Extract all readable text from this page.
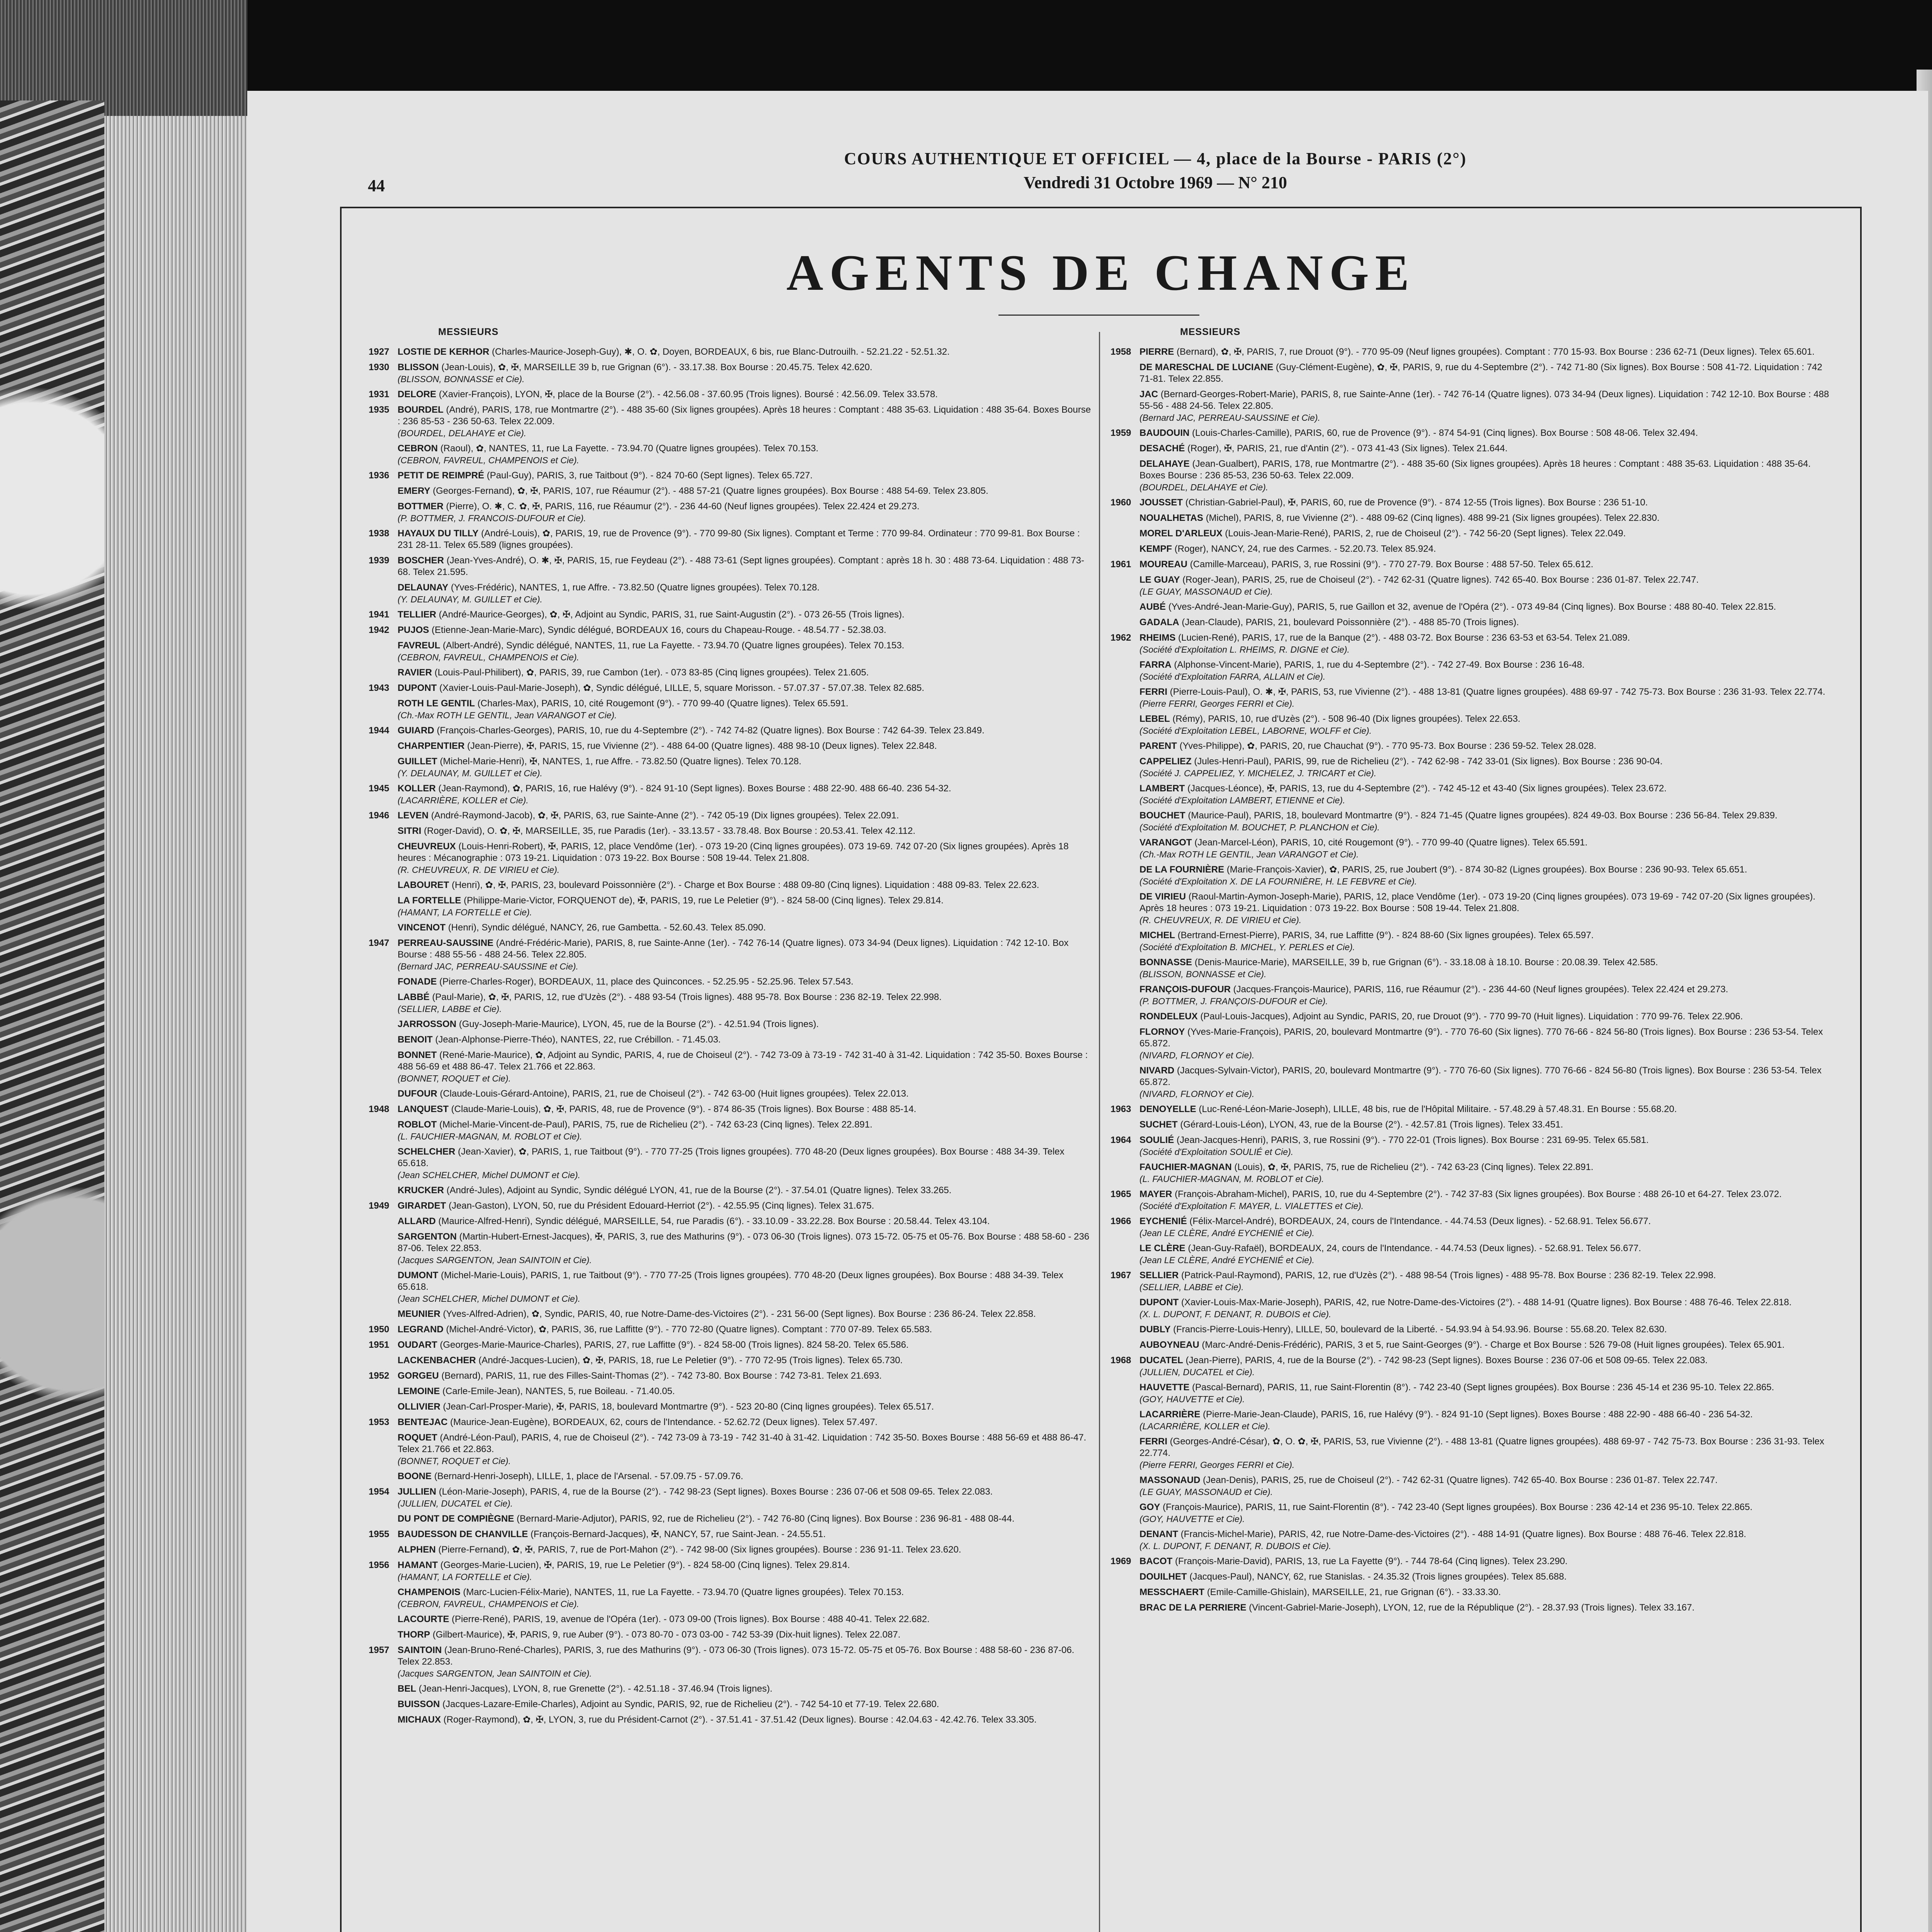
44
COURS AUTHENTIQUE ET OFFICIEL — 4, place de la Bourse - PARIS (2°)
Vendredi 31 Octobre 1969 — N° 210
AGENTS DE CHANGE
MESSIEURS
1927 LOSTIE DE KERHOR (Charles-Maurice-Joseph-Guy), ✱, O. ✿, Doyen, BORDEAUX, 6 bis, rue Blanc-Dutrouilh. - 52.21.22 - 52.51.32.
1930 BLISSON (Jean-Louis), ✿, ✠, MARSEILLE 39 b, rue Grignan (6°). - 33.17.38. Box Bourse : 20.45.75. Telex 42.620.
(BLISSON, BONNASSE et Cie).
1931 DELORE (Xavier-François), LYON, ✠, place de la Bourse (2°). - 42.56.08 - 37.60.95 (Trois lignes). Boursé : 42.56.09. Telex 33.578.
1935 BOURDEL (André), PARIS, 178, rue Montmartre (2°). - 488 35-60 (Six lignes groupées). Après 18 heures : Comptant : 488 35-63. Liquidation : 488 35-64. Boxes Bourse : 236 85-53 - 236 50-63. Telex 22.009.
(BOURDEL, DELAHAYE et Cie).
CEBRON (Raoul), ✿, NANTES, 11, rue La Fayette. - 73.94.70 (Quatre lignes groupées). Telex 70.153.
(CEBRON, FAVREUL, CHAMPENOIS et Cie).
1936 PETIT DE REIMPRÉ (Paul-Guy), PARIS, 3, rue Taitbout (9°). - 824 70-60 (Sept lignes). Telex 65.727.
EMERY (Georges-Fernand), ✿, ✠, PARIS, 107, rue Réaumur (2°). - 488 57-21 (Quatre lignes groupées). Box Bourse : 488 54-69. Telex 23.805.
BOTTMER (Pierre), O. ✱, C. ✿, ✠, PARIS, 116, rue Réaumur (2°). - 236 44-60 (Neuf lignes groupées). Telex 22.424 et 29.273.
(P. BOTTMER, J. FRANCOIS-DUFOUR et Cie).
1938 HAYAUX DU TILLY (André-Louis), ✿, PARIS, 19, rue de Provence (9°). - 770 99-80 (Six lignes). Comptant et Terme : 770 99-84. Ordinateur : 770 99-81. Box Bourse : 231 28-11. Telex 65.589 (lignes groupées).
1939 BOSCHER (Jean-Yves-André), O. ✱, ✠, PARIS, 15, rue Feydeau (2°). - 488 73-61 (Sept lignes groupées). Comptant : après 18 h. 30 : 488 73-64. Liquidation : 488 73-68. Telex 21.595.
DELAUNAY (Yves-Frédéric), NANTES, 1, rue Affre. - 73.82.50 (Quatre lignes groupées). Telex 70.128.
(Y. DELAUNAY, M. GUILLET et Cie).
1941 TELLIER (André-Maurice-Georges), ✿, ✠, Adjoint au Syndic, PARIS, 31, rue Saint-Augustin (2°). - 073 26-55 (Trois lignes).
1942 PUJOS (Etienne-Jean-Marie-Marc), Syndic délégué, BORDEAUX 16, cours du Chapeau-Rouge. - 48.54.77 - 52.38.03.
FAVREUL (Albert-André), Syndic délégué, NANTES, 11, rue La Fayette. - 73.94.70 (Quatre lignes groupées). Telex 70.153.
(CEBRON, FAVREUL, CHAMPENOIS et Cie).
RAVIER (Louis-Paul-Philibert), ✿, PARIS, 39, rue Cambon (1er). - 073 83-85 (Cinq lignes groupées). Telex 21.605.
1943 DUPONT (Xavier-Louis-Paul-Marie-Joseph), ✿, Syndic délégué, LILLE, 5, square Morisson. - 57.07.37 - 57.07.38. Telex 82.685.
ROTH LE GENTIL (Charles-Max), PARIS, 10, cité Rougemont (9°). - 770 99-40 (Quatre lignes). Telex 65.591.
(Ch.-Max ROTH LE GENTIL, Jean VARANGOT et Cie).
1944 GUIARD (François-Charles-Georges), PARIS, 10, rue du 4-Septembre (2°). - 742 74-82 (Quatre lignes). Box Bourse : 742 64-39. Telex 23.849.
CHARPENTIER (Jean-Pierre), ✠, PARIS, 15, rue Vivienne (2°). - 488 64-00 (Quatre lignes). 488 98-10 (Deux lignes). Telex 22.848.
GUILLET (Michel-Marie-Henri), ✠, NANTES, 1, rue Affre. - 73.82.50 (Quatre lignes). Telex 70.128.
(Y. DELAUNAY, M. GUILLET et Cie).
1945 KOLLER (Jean-Raymond), ✿, PARIS, 16, rue Halévy (9°). - 824 91-10 (Sept lignes). Boxes Bourse : 488 22-90. 488 66-40. 236 54-32.
(LACARRIÈRE, KOLLER et Cie).
1946 LEVEN (André-Raymond-Jacob), ✿, ✠, PARIS, 63, rue Sainte-Anne (2°). - 742 05-19 (Dix lignes groupées). Telex 22.091.
SITRI (Roger-David), O. ✿, ✠, MARSEILLE, 35, rue Paradis (1er). - 33.13.57 - 33.78.48. Box Bourse : 20.53.41. Telex 42.112.
CHEUVREUX (Louis-Henri-Robert), ✠, PARIS, 12, place Vendôme (1er). - 073 19-20 (Cinq lignes groupées). 073 19-69. 742 07-20 (Six lignes groupées). Après 18 heures : Mécanographie : 073 19-21. Liquidation : 073 19-22. Box Bourse : 508 19-44. Telex 21.808.
(R. CHEUVREUX, R. DE VIRIEU et Cie).
LABOURET (Henri), ✿, ✠, PARIS, 23, boulevard Poissonnière (2°). - Charge et Box Bourse : 488 09-80 (Cinq lignes). Liquidation : 488 09-83. Telex 22.623.
LA FORTELLE (Philippe-Marie-Victor, FORQUENOT de), ✠, PARIS, 19, rue Le Peletier (9°). - 824 58-00 (Cinq lignes). Telex 29.814.
(HAMANT, LA FORTELLE et Cie).
VINCENOT (Henri), Syndic délégué, NANCY, 26, rue Gambetta. - 52.60.43. Telex 85.090.
1947 PERREAU-SAUSSINE (André-Frédéric-Marie), PARIS, 8, rue Sainte-Anne (1er). - 742 76-14 (Quatre lignes). 073 34-94 (Deux lignes). Liquidation : 742 12-10. Box Bourse : 488 55-56 - 488 24-56. Telex 22.805.
(Bernard JAC, PERREAU-SAUSSINE et Cie).
FONADE (Pierre-Charles-Roger), BORDEAUX, 11, place des Quinconces. - 52.25.95 - 52.25.96. Telex 57.543.
LABBÉ (Paul-Marie), ✿, ✠, PARIS, 12, rue d'Uzès (2°). - 488 93-54 (Trois lignes). 488 95-78. Box Bourse : 236 82-19. Telex 22.998.
(SELLIER, LABBE et Cie).
JARROSSON (Guy-Joseph-Marie-Maurice), LYON, 45, rue de la Bourse (2°). - 42.51.94 (Trois lignes).
BENOIT (Jean-Alphonse-Pierre-Théo), NANTES, 22, rue Crébillon. - 71.45.03.
BONNET (René-Marie-Maurice), ✿, Adjoint au Syndic, PARIS, 4, rue de Choiseul (2°). - 742 73-09 à 73-19 - 742 31-40 à 31-42. Liquidation : 742 35-50. Boxes Bourse : 488 56-69 et 488 86-47. Telex 21.766 et 22.863.
(BONNET, ROQUET et Cie).
DUFOUR (Claude-Louis-Gérard-Antoine), PARIS, 21, rue de Choiseul (2°). - 742 63-00 (Huit lignes groupées). Telex 22.013.
1948 LANQUEST (Claude-Marie-Louis), ✿, ✠, PARIS, 48, rue de Provence (9°). - 874 86-35 (Trois lignes). Box Bourse : 488 85-14.
ROBLOT (Michel-Marie-Vincent-de-Paul), PARIS, 75, rue de Richelieu (2°). - 742 63-23 (Cinq lignes). Telex 22.891.
(L. FAUCHIER-MAGNAN, M. ROBLOT et Cie).
SCHELCHER (Jean-Xavier), ✿, PARIS, 1, rue Taitbout (9°). - 770 77-25 (Trois lignes groupées). 770 48-20 (Deux lignes groupées). Box Bourse : 488 34-39. Telex 65.618.
(Jean SCHELCHER, Michel DUMONT et Cie).
KRUCKER (André-Jules), Adjoint au Syndic, Syndic délégué LYON, 41, rue de la Bourse (2°). - 37.54.01 (Quatre lignes). Telex 33.265.
1949 GIRARDET (Jean-Gaston), LYON, 50, rue du Président Edouard-Herriot (2°). - 42.55.95 (Cinq lignes). Telex 31.675.
ALLARD (Maurice-Alfred-Henri), Syndic délégué, MARSEILLE, 54, rue Paradis (6°). - 33.10.09 - 33.22.28. Box Bourse : 20.58.44. Telex 43.104.
SARGENTON (Martin-Hubert-Ernest-Jacques), ✠, PARIS, 3, rue des Mathurins (9°). - 073 06-30 (Trois lignes). 073 15-72. 05-75 et 05-76. Box Bourse : 488 58-60 - 236 87-06. Telex 22.853.
(Jacques SARGENTON, Jean SAINTOIN et Cie).
DUMONT (Michel-Marie-Louis), PARIS, 1, rue Taitbout (9°). - 770 77-25 (Trois lignes groupées). 770 48-20 (Deux lignes groupées). Box Bourse : 488 34-39. Telex 65.618.
(Jean SCHELCHER, Michel DUMONT et Cie).
MEUNIER (Yves-Alfred-Adrien), ✿, Syndic, PARIS, 40, rue Notre-Dame-des-Victoires (2°). - 231 56-00 (Sept lignes). Box Bourse : 236 86-24. Telex 22.858.
1950 LEGRAND (Michel-André-Victor), ✿, PARIS, 36, rue Laffitte (9°). - 770 72-80 (Quatre lignes). Comptant : 770 07-89. Telex 65.583.
1951 OUDART (Georges-Marie-Maurice-Charles), PARIS, 27, rue Laffitte (9°). - 824 58-00 (Trois lignes). 824 58-20. Telex 65.586.
LACKENBACHER (André-Jacques-Lucien), ✿, ✠, PARIS, 18, rue Le Peletier (9°). - 770 72-95 (Trois lignes). Telex 65.730.
1952 GORGEU (Bernard), PARIS, 11, rue des Filles-Saint-Thomas (2°). - 742 73-80. Box Bourse : 742 73-81. Telex 21.693.
LEMOINE (Carle-Emile-Jean), NANTES, 5, rue Boileau. - 71.40.05.
OLLIVIER (Jean-Carl-Prosper-Marie), ✠, PARIS, 18, boulevard Montmartre (9°). - 523 20-80 (Cinq lignes groupées). Telex 65.517.
1953 BENTEJAC (Maurice-Jean-Eugène), BORDEAUX, 62, cours de l'Intendance. - 52.62.72 (Deux lignes). Telex 57.497.
ROQUET (André-Léon-Paul), PARIS, 4, rue de Choiseul (2°). - 742 73-09 à 73-19 - 742 31-40 à 31-42. Liquidation : 742 35-50. Boxes Bourse : 488 56-69 et 488 86-47. Telex 21.766 et 22.863.
(BONNET, ROQUET et Cie).
BOONE (Bernard-Henri-Joseph), LILLE, 1, place de l'Arsenal. - 57.09.75 - 57.09.76.
1954 JULLIEN (Léon-Marie-Joseph), PARIS, 4, rue de la Bourse (2°). - 742 98-23 (Sept lignes). Boxes Bourse : 236 07-06 et 508 09-65. Telex 22.083.
(JULLIEN, DUCATEL et Cie).
DU PONT DE COMPIÈGNE (Bernard-Marie-Adjutor), PARIS, 92, rue de Richelieu (2°). - 742 76-80 (Cinq lignes). Box Bourse : 236 96-81 - 488 08-44.
1955 BAUDESSON DE CHANVILLE (François-Bernard-Jacques), ✠, NANCY, 57, rue Saint-Jean. - 24.55.51.
ALPHEN (Pierre-Fernand), ✿, ✠, PARIS, 7, rue de Port-Mahon (2°). - 742 98-00 (Six lignes groupées). Bourse : 236 91-11. Telex 23.620.
1956 HAMANT (Georges-Marie-Lucien), ✠, PARIS, 19, rue Le Peletier (9°). - 824 58-00 (Cinq lignes). Telex 29.814.
(HAMANT, LA FORTELLE et Cie).
CHAMPENOIS (Marc-Lucien-Félix-Marie), NANTES, 11, rue La Fayette. - 73.94.70 (Quatre lignes groupées). Telex 70.153.
(CEBRON, FAVREUL, CHAMPENOIS et Cie).
LACOURTE (Pierre-René), PARIS, 19, avenue de l'Opéra (1er). - 073 09-00 (Trois lignes). Box Bourse : 488 40-41. Telex 22.682.
THORP (Gilbert-Maurice), ✠, PARIS, 9, rue Auber (9°). - 073 80-70 - 073 03-00 - 742 53-39 (Dix-huit lignes). Telex 22.087.
1957 SAINTOIN (Jean-Bruno-René-Charles), PARIS, 3, rue des Mathurins (9°). - 073 06-30 (Trois lignes). 073 15-72. 05-75 et 05-76. Box Bourse : 488 58-60 - 236 87-06. Telex 22.853.
(Jacques SARGENTON, Jean SAINTOIN et Cie).
BEL (Jean-Henri-Jacques), LYON, 8, rue Grenette (2°). - 42.51.18 - 37.46.94 (Trois lignes).
BUISSON (Jacques-Lazare-Emile-Charles), Adjoint au Syndic, PARIS, 92, rue de Richelieu (2°). - 742 54-10 et 77-19. Telex 22.680.
MICHAUX (Roger-Raymond), ✿, ✠, LYON, 3, rue du Président-Carnot (2°). - 37.51.41 - 37.51.42 (Deux lignes). Bourse : 42.04.63 - 42.42.76. Telex 33.305.
MESSIEURS
1958 PIERRE (Bernard), ✿, ✠, PARIS, 7, rue Drouot (9°). - 770 95-09 (Neuf lignes groupées). Comptant : 770 15-93. Box Bourse : 236 62-71 (Deux lignes). Telex 65.601.
DE MARESCHAL DE LUCIANE (Guy-Clément-Eugène), ✿, ✠, PARIS, 9, rue du 4-Septembre (2°). - 742 71-80 (Six lignes). Box Bourse : 508 41-72. Liquidation : 742 71-81. Telex 22.855.
JAC (Bernard-Georges-Robert-Marie), PARIS, 8, rue Sainte-Anne (1er). - 742 76-14 (Quatre lignes). 073 34-94 (Deux lignes). Liquidation : 742 12-10. Box Bourse : 488 55-56 - 488 24-56. Telex 22.805.
(Bernard JAC, PERREAU-SAUSSINE et Cie).
1959 BAUDOUIN (Louis-Charles-Camille), PARIS, 60, rue de Provence (9°). - 874 54-91 (Cinq lignes). Box Bourse : 508 48-06. Telex 32.494.
DESACHÉ (Roger), ✠, PARIS, 21, rue d'Antin (2°). - 073 41-43 (Six lignes). Telex 21.644.
DELAHAYE (Jean-Gualbert), PARIS, 178, rue Montmartre (2°). - 488 35-60 (Six lignes groupées). Après 18 heures : Comptant : 488 35-63. Liquidation : 488 35-64. Boxes Bourse : 236 85-53, 236 50-63. Telex 22.009.
(BOURDEL, DELAHAYE et Cie).
1960 JOUSSET (Christian-Gabriel-Paul), ✠, PARIS, 60, rue de Provence (9°). - 874 12-55 (Trois lignes). Box Bourse : 236 51-10.
NOUALHETAS (Michel), PARIS, 8, rue Vivienne (2°). - 488 09-62 (Cinq lignes). 488 99-21 (Six lignes groupées). Telex 22.830.
MOREL D'ARLEUX (Louis-Jean-Marie-René), PARIS, 2, rue de Choiseul (2°). - 742 56-20 (Sept lignes). Telex 22.049.
KEMPF (Roger), NANCY, 24, rue des Carmes. - 52.20.73. Telex 85.924.
1961 MOUREAU (Camille-Marceau), PARIS, 3, rue Rossini (9°). - 770 27-79. Box Bourse : 488 57-50. Telex 65.612.
LE GUAY (Roger-Jean), PARIS, 25, rue de Choiseul (2°). - 742 62-31 (Quatre lignes). 742 65-40. Box Bourse : 236 01-87. Telex 22.747.
(LE GUAY, MASSONAUD et Cie).
AUBÉ (Yves-André-Jean-Marie-Guy), PARIS, 5, rue Gaillon et 32, avenue de l'Opéra (2°). - 073 49-84 (Cinq lignes). Box Bourse : 488 80-40. Telex 22.815.
GADALA (Jean-Claude), PARIS, 21, boulevard Poissonnière (2°). - 488 85-70 (Trois lignes).
1962 RHEIMS (Lucien-René), PARIS, 17, rue de la Banque (2°). - 488 03-72. Box Bourse : 236 63-53 et 63-54. Telex 21.089.
(Société d'Exploitation L. RHEIMS, R. DIGNE et Cie).
FARRA (Alphonse-Vincent-Marie), PARIS, 1, rue du 4-Septembre (2°). - 742 27-49. Box Bourse : 236 16-48.
(Société d'Exploitation FARRA, ALLAIN et Cie).
FERRI (Pierre-Louis-Paul), O. ✱, ✠, PARIS, 53, rue Vivienne (2°). - 488 13-81 (Quatre lignes groupées). 488 69-97 - 742 75-73. Box Bourse : 236 31-93. Telex 22.774.
(Pierre FERRI, Georges FERRI et Cie).
LEBEL (Rémy), PARIS, 10, rue d'Uzès (2°). - 508 96-40 (Dix lignes groupées). Telex 22.653.
(Société d'Exploitation LEBEL, LABORNE, WOLFF et Cie).
PARENT (Yves-Philippe), ✿, PARIS, 20, rue Chauchat (9°). - 770 95-73. Box Bourse : 236 59-52. Telex 28.028.
CAPPELIEZ (Jules-Henri-Paul), PARIS, 99, rue de Richelieu (2°). - 742 62-98 - 742 33-01 (Six lignes). Box Bourse : 236 90-04.
(Société J. CAPPELIEZ, Y. MICHELEZ, J. TRICART et Cie).
LAMBERT (Jacques-Léonce), ✠, PARIS, 13, rue du 4-Septembre (2°). - 742 45-12 et 43-40 (Six lignes groupées). Telex 23.672.
(Société d'Exploitation LAMBERT, ETIENNE et Cie).
BOUCHET (Maurice-Paul), PARIS, 18, boulevard Montmartre (9°). - 824 71-45 (Quatre lignes groupées). 824 49-03. Box Bourse : 236 56-84. Telex 29.839.
(Société d'Exploitation M. BOUCHET, P. PLANCHON et Cie).
VARANGOT (Jean-Marcel-Léon), PARIS, 10, cité Rougemont (9°). - 770 99-40 (Quatre lignes). Telex 65.591.
(Ch.-Max ROTH LE GENTIL, Jean VARANGOT et Cie).
DE LA FOURNIÈRE (Marie-François-Xavier), ✿, PARIS, 25, rue Joubert (9°). - 874 30-82 (Lignes groupées). Box Bourse : 236 90-93. Telex 65.651.
(Société d'Exploitation X. DE LA FOURNIÈRE, H. LE FEBVRE et Cie).
DE VIRIEU (Raoul-Martin-Aymon-Joseph-Marie), PARIS, 12, place Vendôme (1er). - 073 19-20 (Cinq lignes groupées). 073 19-69 - 742 07-20 (Six lignes groupées). Après 18 heures : 073 19-21. Liquidation : 073 19-22. Box Bourse : 508 19-44. Telex 21.808.
(R. CHEUVREUX, R. DE VIRIEU et Cie).
MICHEL (Bertrand-Ernest-Pierre), PARIS, 34, rue Laffitte (9°). - 824 88-60 (Six lignes groupées). Telex 65.597.
(Société d'Exploitation B. MICHEL, Y. PERLES et Cie).
BONNASSE (Denis-Maurice-Marie), MARSEILLE, 39 b, rue Grignan (6°). - 33.18.08 à 18.10. Bourse : 20.08.39. Telex 42.585.
(BLISSON, BONNASSE et Cie).
FRANÇOIS-DUFOUR (Jacques-François-Maurice), PARIS, 116, rue Réaumur (2°). - 236 44-60 (Neuf lignes groupées). Telex 22.424 et 29.273.
(P. BOTTMER, J. FRANÇOIS-DUFOUR et Cie).
RONDELEUX (Paul-Louis-Jacques), Adjoint au Syndic, PARIS, 20, rue Drouot (9°). - 770 99-70 (Huit lignes). Liquidation : 770 99-76. Telex 22.906.
FLORNOY (Yves-Marie-François), PARIS, 20, boulevard Montmartre (9°). - 770 76-60 (Six lignes). 770 76-66 - 824 56-80 (Trois lignes). Box Bourse : 236 53-54. Telex 65.872.
(NIVARD, FLORNOY et Cie).
NIVARD (Jacques-Sylvain-Victor), PARIS, 20, boulevard Montmartre (9°). - 770 76-60 (Six lignes). 770 76-66 - 824 56-80 (Trois lignes). Box Bourse : 236 53-54. Telex 65.872.
(NIVARD, FLORNOY et Cie).
1963 DENOYELLE (Luc-René-Léon-Marie-Joseph), LILLE, 48 bis, rue de l'Hôpital Militaire. - 57.48.29 à 57.48.31. En Bourse : 55.68.20.
SUCHET (Gérard-Louis-Léon), LYON, 43, rue de la Bourse (2°). - 42.57.81 (Trois lignes). Telex 33.451.
1964 SOULIÉ (Jean-Jacques-Henri), PARIS, 3, rue Rossini (9°). - 770 22-01 (Trois lignes). Box Bourse : 231 69-95. Telex 65.581.
(Société d'Exploitation SOULIÉ et Cie).
FAUCHIER-MAGNAN (Louis), ✿, ✠, PARIS, 75, rue de Richelieu (2°). - 742 63-23 (Cinq lignes). Telex 22.891.
(L. FAUCHIER-MAGNAN, M. ROBLOT et Cie).
1965 MAYER (François-Abraham-Michel), PARIS, 10, rue du 4-Septembre (2°). - 742 37-83 (Six lignes groupées). Box Bourse : 488 26-10 et 64-27. Telex 23.072.
(Société d'Exploitation F. MAYER, L. VIALETTES et Cie).
1966 EYCHENIÉ (Félix-Marcel-André), BORDEAUX, 24, cours de l'Intendance. - 44.74.53 (Deux lignes). - 52.68.91. Telex 56.677.
(Jean LE CLÈRE, André EYCHENIÉ et Cie).
LE CLÈRE (Jean-Guy-Rafaël), BORDEAUX, 24, cours de l'Intendance. - 44.74.53 (Deux lignes). - 52.68.91. Telex 56.677.
(Jean LE CLÈRE, André EYCHENIÉ et Cie).
1967 SELLIER (Patrick-Paul-Raymond), PARIS, 12, rue d'Uzès (2°). - 488 98-54 (Trois lignes) - 488 95-78. Box Bourse : 236 82-19. Telex 22.998.
(SELLIER, LABBE et Cie).
DUPONT (Xavier-Louis-Max-Marie-Joseph), PARIS, 42, rue Notre-Dame-des-Victoires (2°). - 488 14-91 (Quatre lignes). Box Bourse : 488 76-46. Telex 22.818.
(X. L. DUPONT, F. DENANT, R. DUBOIS et Cie).
DUBLY (Francis-Pierre-Louis-Henry), LILLE, 50, boulevard de la Liberté. - 54.93.94 à 54.93.96. Bourse : 55.68.20. Telex 82.630.
AUBOYNEAU (Marc-André-Denis-Frédéric), PARIS, 3 et 5, rue Saint-Georges (9°). - Charge et Box Bourse : 526 79-08 (Huit lignes groupées). Telex 65.901.
1968 DUCATEL (Jean-Pierre), PARIS, 4, rue de la Bourse (2°). - 742 98-23 (Sept lignes). Boxes Bourse : 236 07-06 et 508 09-65. Telex 22.083.
(JULLIEN, DUCATEL et Cie).
HAUVETTE (Pascal-Bernard), PARIS, 11, rue Saint-Florentin (8°). - 742 23-40 (Sept lignes groupées). Box Bourse : 236 45-14 et 236 95-10. Telex 22.865.
(GOY, HAUVETTE et Cie).
LACARRIÈRE (Pierre-Marie-Jean-Claude), PARIS, 16, rue Halévy (9°). - 824 91-10 (Sept lignes). Boxes Bourse : 488 22-90 - 488 66-40 - 236 54-32.
(LACARRIÈRE, KOLLER et Cie).
FERRI (Georges-André-César), ✿, O. ✿, ✠, PARIS, 53, rue Vivienne (2°). - 488 13-81 (Quatre lignes groupées). 488 69-97 - 742 75-73. Box Bourse : 236 31-93. Telex 22.774.
(Pierre FERRI, Georges FERRI et Cie).
MASSONAUD (Jean-Denis), PARIS, 25, rue de Choiseul (2°). - 742 62-31 (Quatre lignes). 742 65-40. Box Bourse : 236 01-87. Telex 22.747.
(LE GUAY, MASSONAUD et Cie).
GOY (François-Maurice), PARIS, 11, rue Saint-Florentin (8°). - 742 23-40 (Sept lignes groupées). Box Bourse : 236 42-14 et 236 95-10. Telex 22.865.
(GOY, HAUVETTE et Cie).
DENANT (Francis-Michel-Marie), PARIS, 42, rue Notre-Dame-des-Victoires (2°). - 488 14-91 (Quatre lignes). Box Bourse : 488 76-46. Telex 22.818.
(X. L. DUPONT, F. DENANT, R. DUBOIS et Cie).
1969 BACOT (François-Marie-David), PARIS, 13, rue La Fayette (9°). - 744 78-64 (Cinq lignes). Telex 23.290.
DOUILHET (Jacques-Paul), NANCY, 62, rue Stanislas. - 24.35.32 (Trois lignes groupées). Telex 85.688.
MESSCHAERT (Emile-Camille-Ghislain), MARSEILLE, 21, rue Grignan (6°). - 33.33.30.
BRAC DE LA PERRIERE (Vincent-Gabriel-Marie-Joseph), LYON, 12, rue de la République (2°). - 28.37.93 (Trois lignes). Telex 33.167.
